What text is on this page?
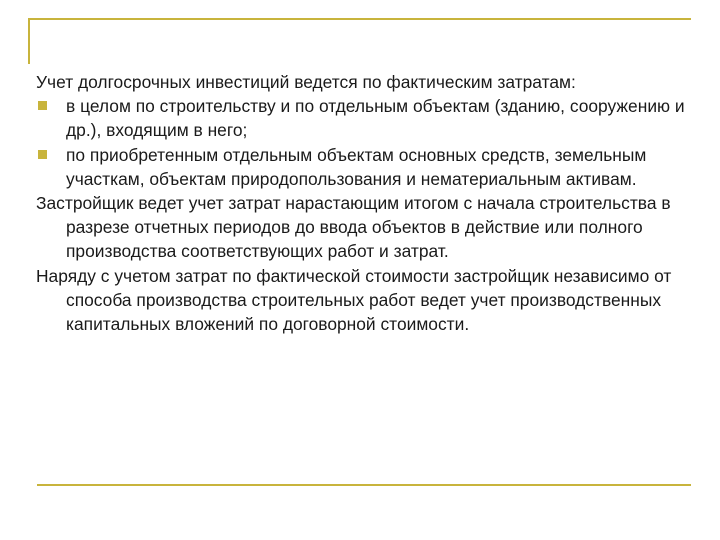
Учет долгосрочных инвестиций ведется по фактическим затратам:

в целом по строительству и по отдельным объектам (зданию, сооружению и др.), входящим в него;
по приобретенным отдельным объектам основных средств, земельным участкам, объектам природопользования и нематериальным активам.

Застройщик ведет учет затрат нарастающим итогом с начала строительства в разрезе отчетных периодов до ввода объектов в действие или полного производства соответствующих работ и затрат.

Наряду с учетом затрат по фактической стоимости застройщик независимо от способа производства строительных работ ведет учет производственных капитальных вложений по договорной стоимости.
